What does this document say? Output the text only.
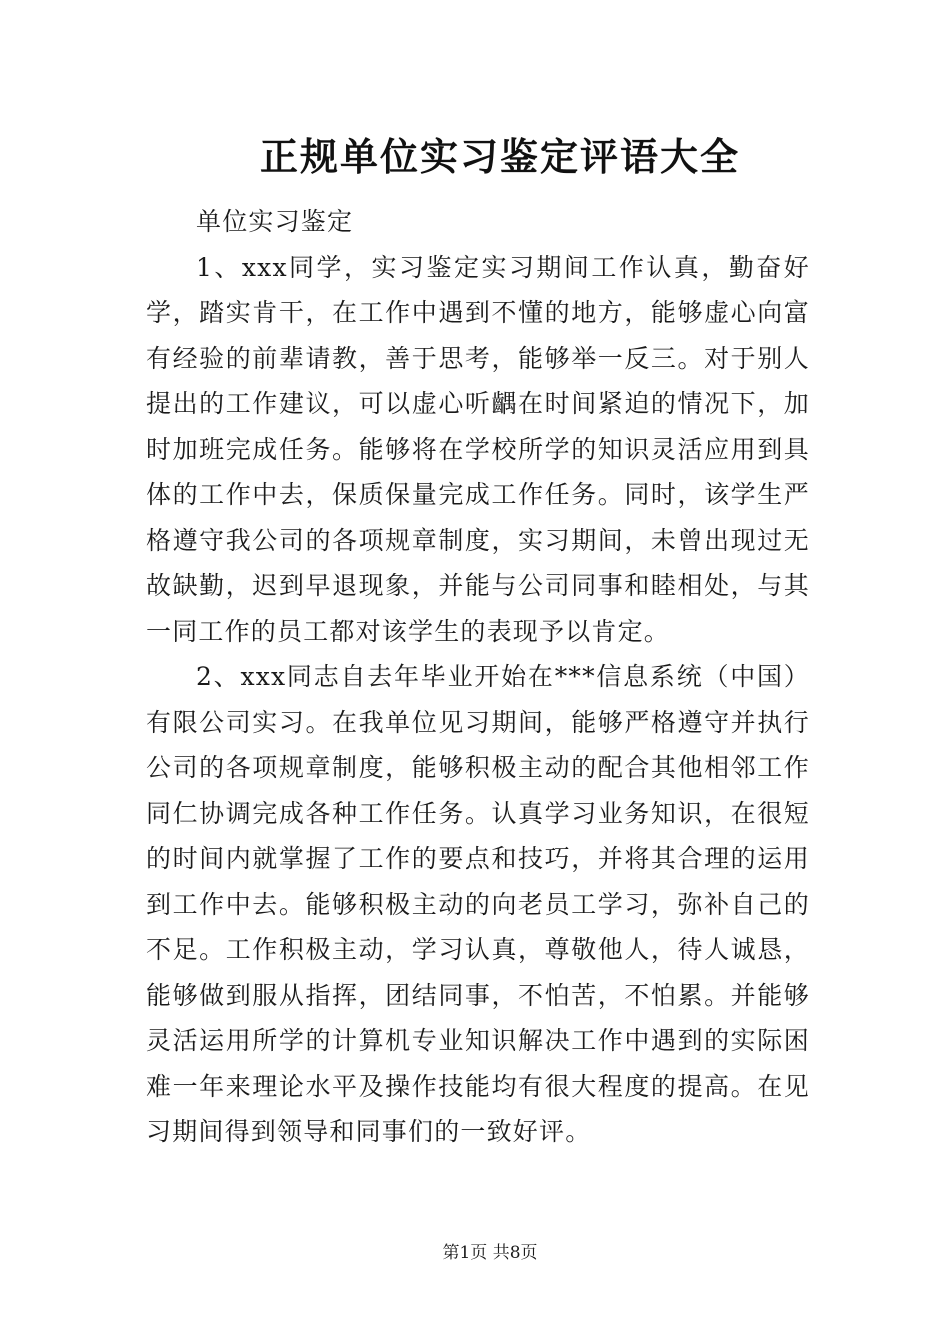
正规单位实习鉴定评语大全

单位实习鉴定

1、xxx同学，实习鉴定实习期间工作认真，勤奋好学，踏实肯干，在工作中遇到不懂的地方，能够虚心向富有经验的前辈请教，善于思考，能够举一反三。对于别人提出的工作建议，可以虚心听齵在时间紧迫的情况下，加时加班完成任务。能够将在学校所学的知识灵活应用到具体的工作中去，保质保量完成工作任务。同时，该学生严格遵守我公司的各项规章制度，实习期间，未曾出现过无故缺勤，迟到早退现象，并能与公司同事和睦相处，与其一同工作的员工都对该学生的表现予以肯定。

2、xxx同志自去年毕业开始在***信息系统（中国）有限公司实习。在我单位见习期间，能够严格遵守并执行公司的各项规章制度，能够积极主动的配合其他相邻工作同仁协调完成各种工作任务。认真学习业务知识，在很短的时间内就掌握了工作的要点和技巧，并将其合理的运用到工作中去。能够积极主动的向老员工学习，弥补自己的不足。工作积极主动，学习认真，尊敬他人，待人诚恳，能够做到服从指挥，团结同事，不怕苦，不怕累。并能够灵活运用所学的计算机专业知识解决工作中遇到的实际困难一年来理论水平及操作技能均有很大程度的提高。在见习期间得到领导和同事们的一致好评。

第1页 共8页
